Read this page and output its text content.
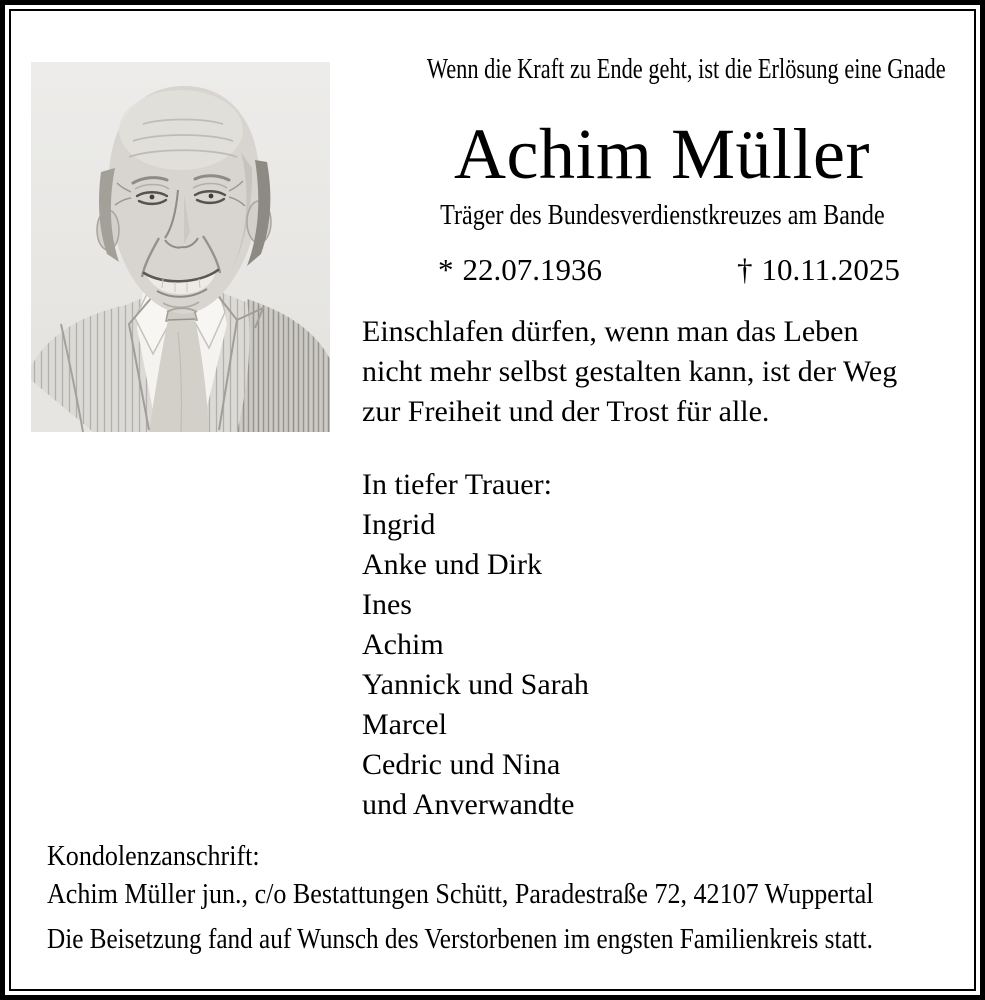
Wenn die Kraft zu Ende geht, ist die Erlösung eine Gnade
Achim Müller
Träger des Bundesverdienstkreuzes am Bande
* 22.07.1936	† 10.11.2025
Einschlafen dürfen, wenn man das Leben
nicht mehr selbst gestalten kann, ist der Weg
zur Freiheit und der Trost für alle.
In tiefer Trauer:
Ingrid
Anke und Dirk
Ines
Achim
Yannick und Sarah
Marcel
Cedric und Nina
und Anverwandte
Kondolenzanschrift:
Achim Müller jun., c/o Bestattungen Schütt, Paradestraße 72, 42107 Wuppertal
Die Beisetzung fand auf Wunsch des Verstorbenen im engsten Familienkreis statt.
